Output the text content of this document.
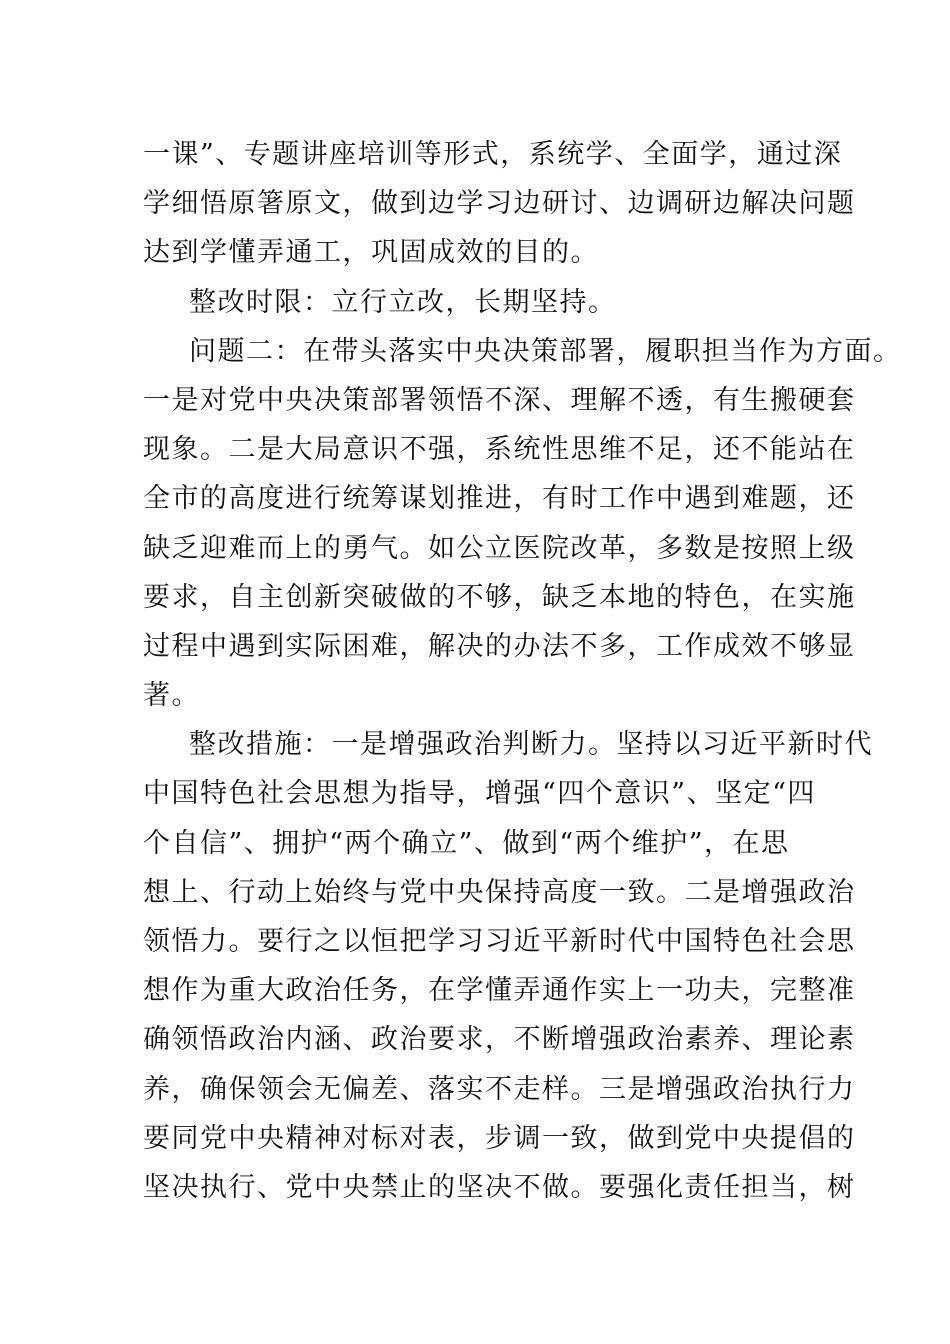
一课”、专题讲座培训等形式，系统学、全面学，通过深
学细悟原箸原文，做到边学习边研讨、边调研边解决问题
达到学懂弄通工，巩固成效的目的。
整改时限：立行立改，长期坚持。
问题二：在带头落实中央决策部署，履职担当作为方面。
一是对党中央决策部署领悟不深、理解不透，有生搬硬套
现象。二是大局意识不强，系统性思维不足，还不能站在
全市的高度进行统筹谋划推进，有时工作中遇到难题，还
缺乏迎难而上的勇气。如公立医院改革，多数是按照上级
要求，自主创新突破做的不够，缺乏本地的特色，在实施
过程中遇到实际困难，解决的办法不多，工作成效不够显
著。
整改措施：一是增强政治判断力。坚持以习近平新时代
中国特色社会思想为指导，增强“四个意识”、坚定“四
个自信”、拥护“两个确立”、做到“两个维护”，在思
想上、行动上始终与党中央保持高度一致。二是增强政治
领悟力。要行之以恒把学习习近平新时代中国特色社会思
想作为重大政治任务，在学懂弄通作实上一功夫，完整准
确领悟政治内涵、政治要求，不断增强政治素养、理论素
养，确保领会无偏差、落实不走样。三是增强政治执行力
要同党中央精神对标对表，步调一致，做到党中央提倡的
坚决执行、党中央禁止的坚决不做。要强化责任担当，树
